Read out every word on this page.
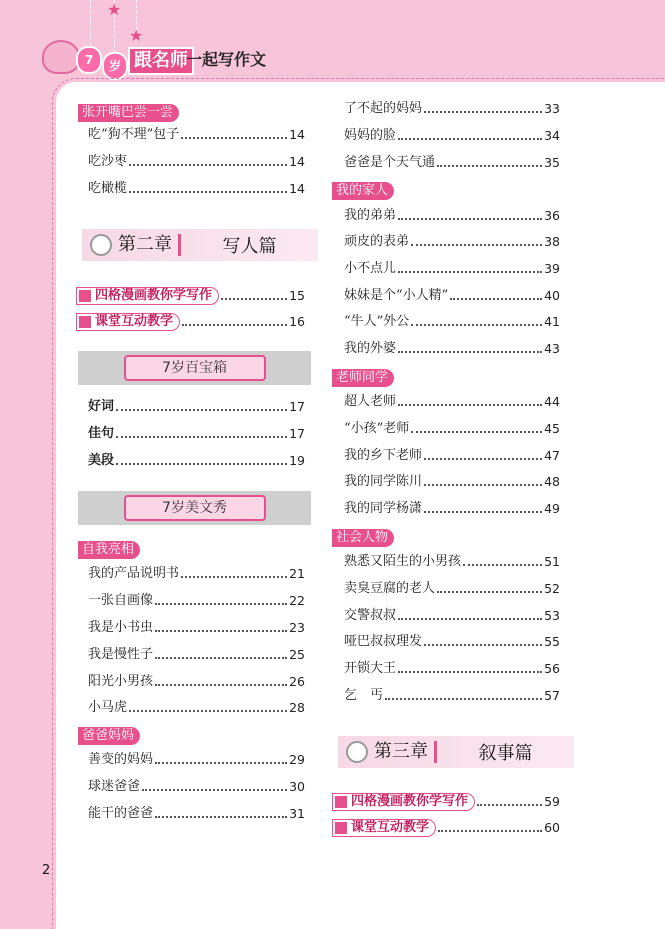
★
★
7	岁 跟名师
一起写作文
张开嘴巴尝一尝
吃“狗不理”包子	14
吃沙枣	14
吃橄榄	14
第二章	写人篇
四格漫画教你学写作	15
课堂互动教学	16
7岁百宝箱
好词	17
佳句	17
美段	19
7岁美文秀
自我亮相
我的产品说明书	21
一张自画像	22
我是小书虫	23
我是慢性子	25
阳光小男孩	26
小马虎	28
爸爸妈妈
善变的妈妈	29
球迷爸爸	30
能干的爸爸	31
了不起的妈妈	33
妈妈的脸	34
爸爸是个天气通	35
我的家人
我的弟弟	36
顽皮的表弟	38
小不点儿	39
妹妹是个“小人精”	40
“牛人”外公	41
我的外婆	43
老师同学
超人老师	44
“小孩”老师	45
我的乡下老师	47
我的同学陈川	48
我的同学杨潇	49
社会人物
熟悉又陌生的小男孩	51
卖臭豆腐的老人	52
交警叔叔	53
哑巴叔叔理发	55
开锁大王	56
乞　丐	57
第三章	叙事篇
四格漫画教你学写作	59
课堂互动教学	60
2
